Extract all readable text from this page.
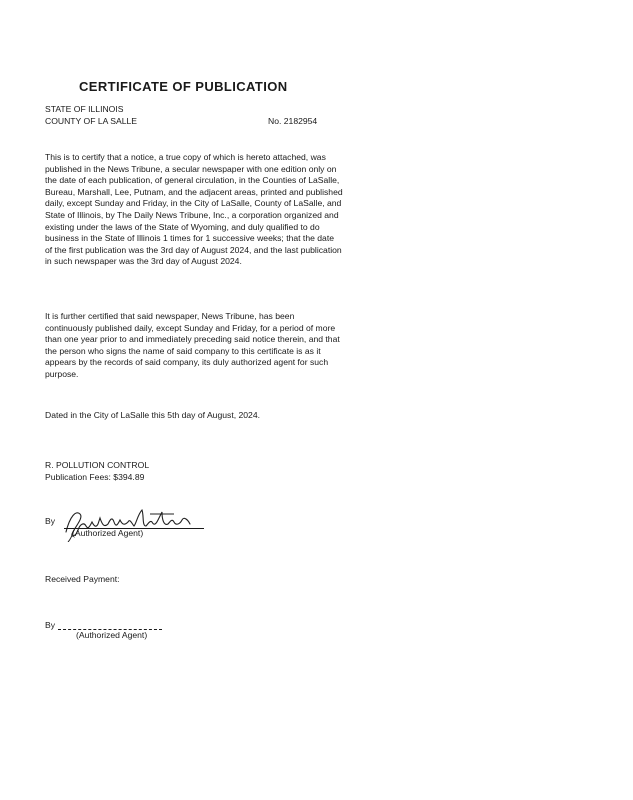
CERTIFICATE OF PUBLICATION
STATE OF ILLINOIS
COUNTY OF LA SALLE	No. 2182954

This is to certify that a notice, a true copy of which is hereto attached, was published in the News Tribune, a secular newspaper with one edition only on the date of each publication, of general circulation, in the Counties of LaSalle, Bureau, Marshall, Lee, Putnam, and the adjacent areas, printed and published daily, except Sunday and Friday, in the City of LaSalle, County of LaSalle, and State of Illinois, by The Daily News Tribune, Inc., a corporation organized and existing under the laws of the State of Wyoming, and duly qualified to do business in the State of Illinois 1 times for 1 successive weeks; that the date of the first publication was the 3rd day of August 2024, and the last publication in such newspaper was the 3rd day of August 2024.

It is further certified that said newspaper, News Tribune, has been continuously published daily, except Sunday and Friday, for a period of more than one year prior to and immediately preceding said notice therein, and that the person who signs the name of said company to this certificate is as it appears by the records of said company, its duly authorized agent for such purpose.

Dated in the City of LaSalle this 5th day of August, 2024.
R. POLLUTION CONTROL
Publication Fees: $394.89
By
(Authorized Agent)
Received Payment:
By
(Authorized Agent)
